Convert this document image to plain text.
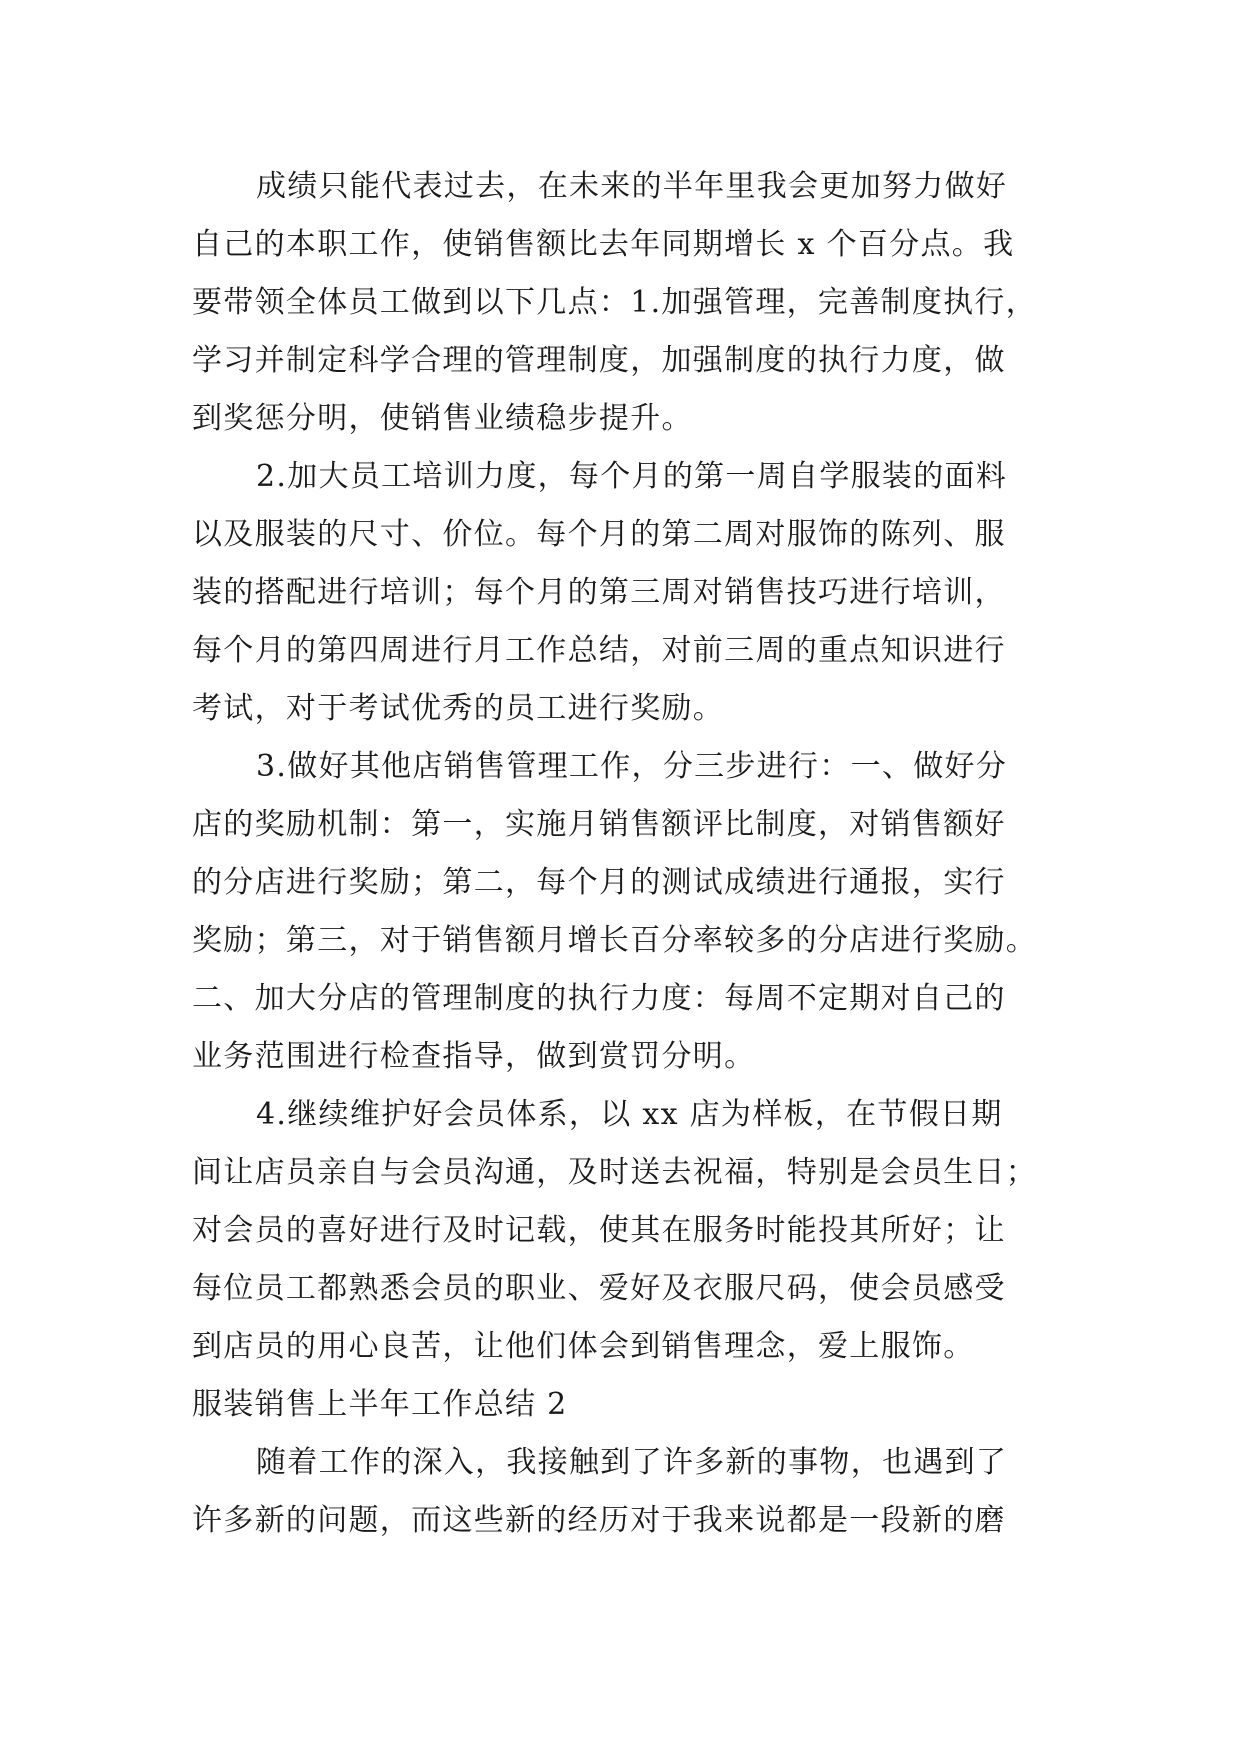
成绩只能代表过去，在未来的半年里我会更加努力做好
自己的本职工作，使销售额比去年同期增长 x 个百分点。我
要带领全体员工做到以下几点：1.加强管理，完善制度执行，
学习并制定科学合理的管理制度，加强制度的执行力度，做
到奖惩分明，使销售业绩稳步提升。
2.加大员工培训力度，每个月的第一周自学服装的面料
以及服装的尺寸、价位。每个月的第二周对服饰的陈列、服
装的搭配进行培训；每个月的第三周对销售技巧进行培训，
每个月的第四周进行月工作总结，对前三周的重点知识进行
考试，对于考试优秀的员工进行奖励。
3.做好其他店销售管理工作，分三步进行：一、做好分
店的奖励机制：第一，实施月销售额评比制度，对销售额好
的分店进行奖励；第二，每个月的测试成绩进行通报，实行
奖励；第三，对于销售额月增长百分率较多的分店进行奖励。
二、加大分店的管理制度的执行力度：每周不定期对自己的
业务范围进行检查指导，做到赏罚分明。
4.继续维护好会员体系，以 xx 店为样板，在节假日期
间让店员亲自与会员沟通，及时送去祝福，特别是会员生日；
对会员的喜好进行及时记载，使其在服务时能投其所好；让
每位员工都熟悉会员的职业、爱好及衣服尺码，使会员感受
到店员的用心良苦，让他们体会到销售理念，爱上服饰。
服装销售上半年工作总结 2
随着工作的深入，我接触到了许多新的事物，也遇到了
许多新的问题，而这些新的经历对于我来说都是一段新的磨
